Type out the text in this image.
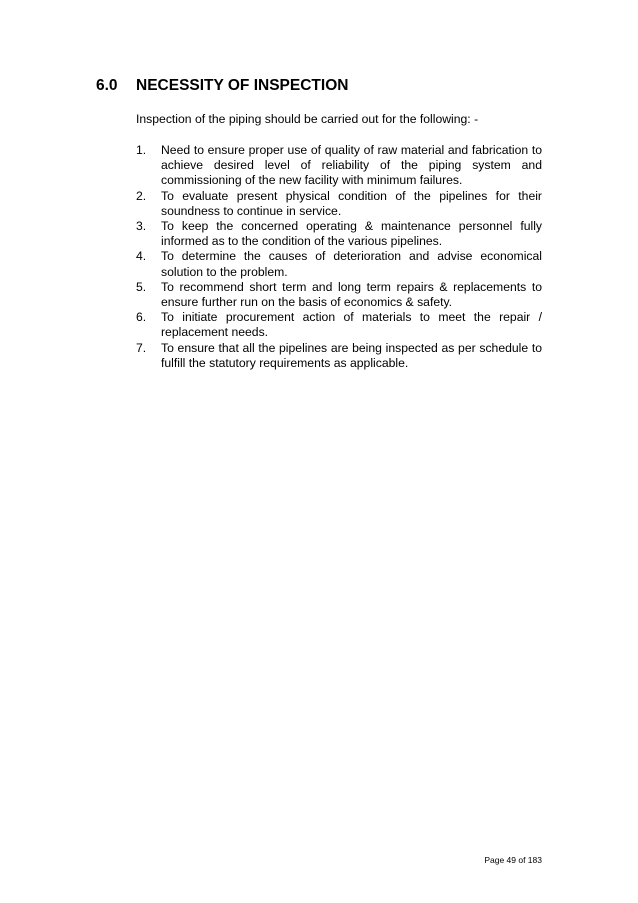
6.0	NECESSITY OF INSPECTION
Inspection of the piping should be carried out for the following: -
1.	Need to ensure proper use of quality of raw material and fabrication to achieve desired level of reliability of the piping system and commissioning of the new facility with minimum failures.
2.	To evaluate present physical condition of the pipelines for their soundness to continue in service.
3.	To keep the concerned operating & maintenance personnel fully informed as to the condition of the various pipelines.
4.	To determine the causes of deterioration and advise economical solution to the problem.
5.	To recommend short term and long term repairs & replacements to ensure further run on the basis of economics & safety.
6.	To initiate procurement action of materials to meet the repair / replacement needs.
7.	To ensure that all the pipelines are being inspected as per schedule to fulfill the statutory requirements as applicable.
Page 49 of 183
